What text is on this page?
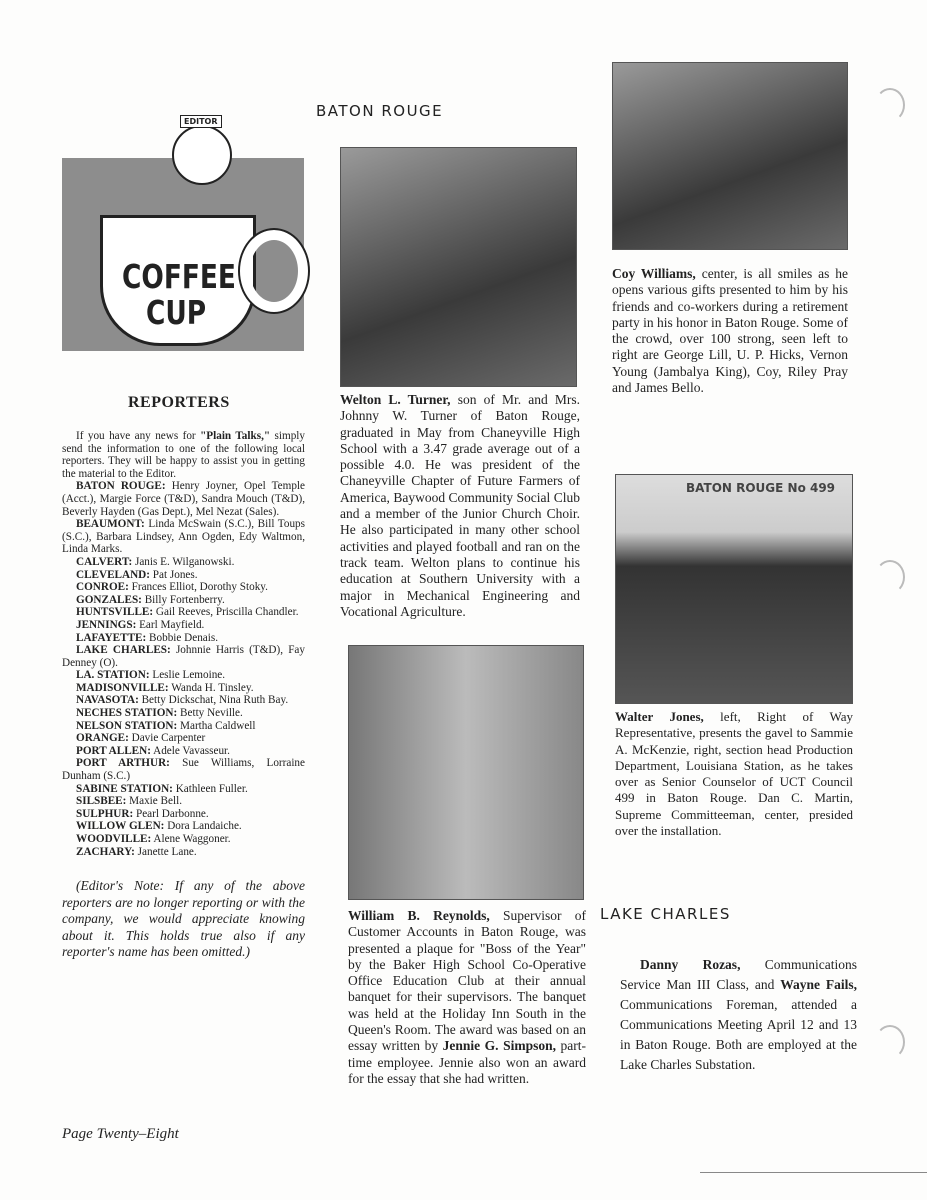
EDITOR
COFFEE
CUP
REPORTERS

If you have any news for "Plain Talks," simply send the information to one of the following local reporters. They will be happy to assist you in getting the material to the Editor.

BATON ROUGE: Henry Joyner, Opel Temple (Acct.), Margie Force (T&D), Sandra Mouch (T&D), Beverly Hayden (Gas Dept.), Mel Nezat (Sales).

BEAUMONT: Linda McSwain (S.C.), Bill Toups (S.C.), Barbara Lindsey, Ann Ogden, Edy Waltmon, Linda Marks.

CALVERT: Janis E. Wilganowski.

CLEVELAND: Pat Jones.

CONROE: Frances Elliot, Dorothy Stoky.

GONZALES: Billy Fortenberry.

HUNTSVILLE: Gail Reeves, Priscilla Chandler.

JENNINGS: Earl Mayfield.

LAFAYETTE: Bobbie Denais.

LAKE CHARLES: Johnnie Harris (T&D), Fay Denney (O).

LA. STATION: Leslie Lemoine.

MADISONVILLE: Wanda H. Tinsley.

NAVASOTA: Betty Dickschat, Nina Ruth Bay.

NECHES STATION: Betty Neville.

NELSON STATION: Martha Caldwell

ORANGE: Davie Carpenter

PORT ALLEN: Adele Vavasseur.

PORT ARTHUR: Sue Williams, Lorraine Dunham (S.C.)

SABINE STATION: Kathleen Fuller.

SILSBEE: Maxie Bell.

SULPHUR: Pearl Darbonne.

WILLOW GLEN: Dora Landaiche.

WOODVILLE: Alene Waggoner.

ZACHARY: Janette Lane.

(Editor's Note: If any of the above reporters are no longer reporting or with the company, we would appreciate knowing about it. This holds true also if any reporter's name has been omitted.)
BATON ROUGE

Welton L. Turner, son of Mr. and Mrs. Johnny W. Turner of Baton Rouge, graduated in May from Chaneyville High School with a 3.47 grade average out of a possible 4.0. He was president of the Chaneyville Chapter of Future Farmers of America, Baywood Community Social Club and a member of the Junior Church Choir. He also participated in many other school activities and played football and ran on the track team. Welton plans to continue his education at Southern University with a major in Mechanical Engineering and Vocational Agriculture.

William B. Reynolds, Supervisor of Customer Accounts in Baton Rouge, was presented a plaque for "Boss of the Year" by the Baker High School Co-Operative Office Education Club at their annual banquet for their supervisors. The banquet was held at the Holiday Inn South in the Queen's Room. The award was based on an essay written by Jennie G. Simpson, part-time employee. Jennie also won an award for the essay that she had written.

Coy Williams, center, is all smiles as he opens various gifts presented to him by his friends and co-workers during a retirement party in his honor in Baton Rouge. Some of the crowd, over 100 strong, seen left to right are George Lill, U. P. Hicks, Vernon Young (Jambalya King), Coy, Riley Pray and James Bello.

BATON ROUGE No 499

Walter Jones, left, Right of Way Representative, presents the gavel to Sammie A. McKenzie, right, section head Production Department, Louisiana Station, as he takes over as Senior Counselor of UCT Council 499 in Baton Rouge. Dan C. Martin, Supreme Committeeman, center, presided over the installation.

LAKE CHARLES

Danny Rozas, Communications Service Man III Class, and Wayne Fails, Communications Foreman, attended a Communications Meeting April 12 and 13 in Baton Rouge. Both are employed at the Lake Charles Substation.

Page Twenty–Eight
